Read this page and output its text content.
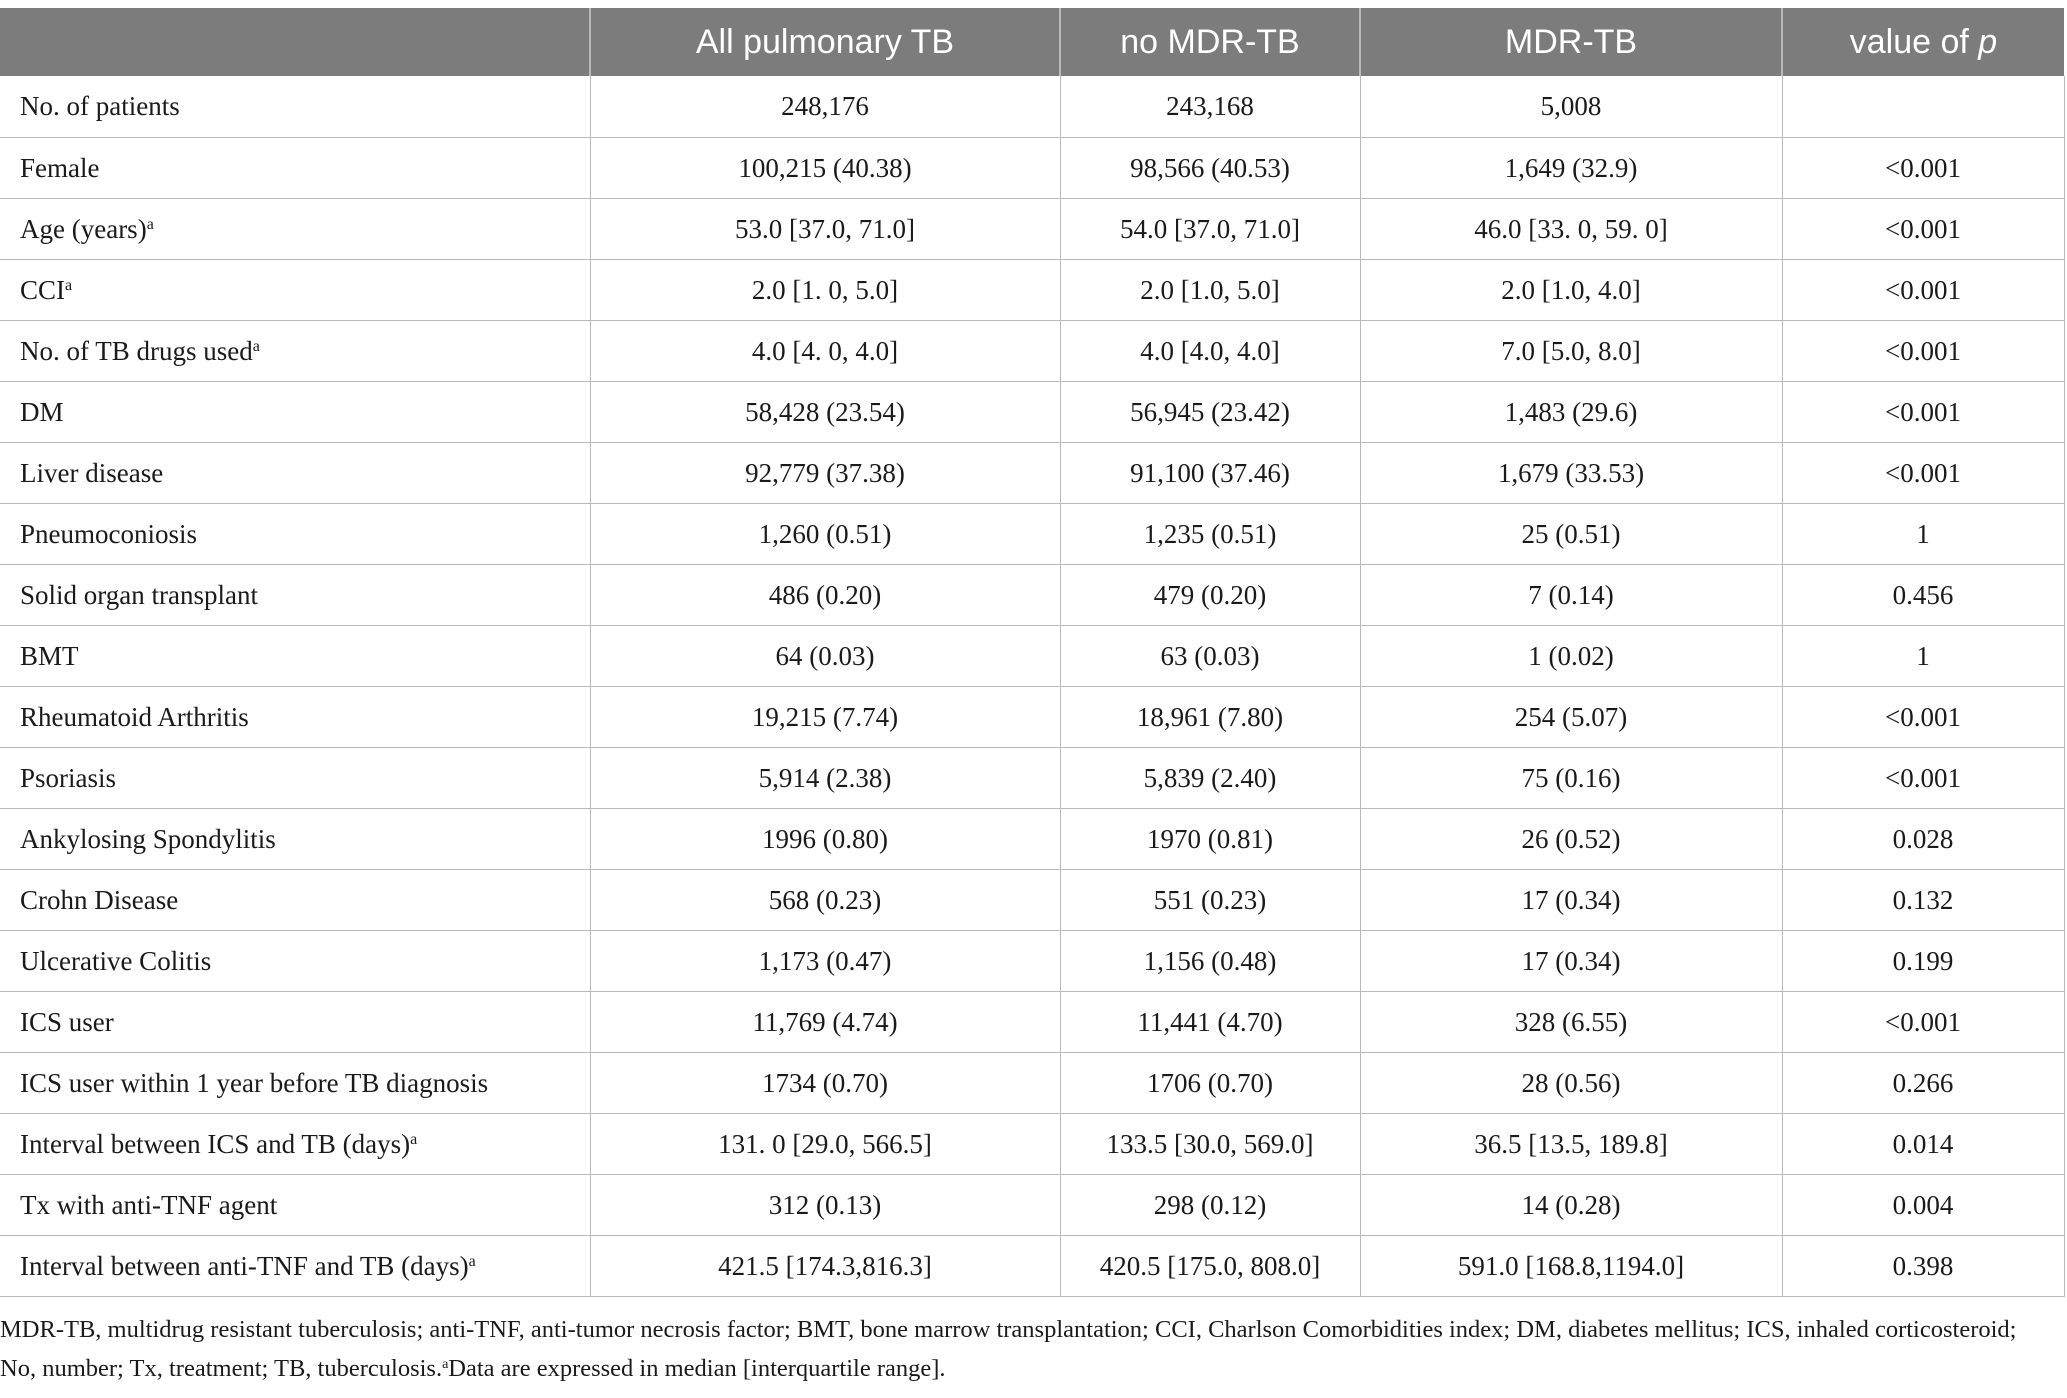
	All pulmonary TB	no MDR-TB	MDR-TB	value of p
No. of patients	248,176	243,168	5,008	
Female	100,215 (40.38)	98,566 (40.53)	1,649 (32.9)	<0.001
Age (years)$^a$	53.0 [37.0, 71.0]	54.0 [37.0, 71.0]	46.0 [33. 0, 59. 0]	<0.001
CCI$^a$	2.0 [1. 0, 5.0]	2.0 [1.0, 5.0]	2.0 [1.0, 4.0]	<0.001
No. of TB drugs used$^a$	4.0 [4. 0, 4.0]	4.0 [4.0, 4.0]	7.0 [5.0, 8.0]	<0.001
DM	58,428 (23.54)	56,945 (23.42)	1,483 (29.6)	<0.001
Liver disease	92,779 (37.38)	91,100 (37.46)	1,679 (33.53)	<0.001
Pneumoconiosis	1,260 (0.51)	1,235 (0.51)	25 (0.51)	1
Solid organ transplant	486 (0.20)	479 (0.20)	7 (0.14)	0.456
BMT	64 (0.03)	63 (0.03)	1 (0.02)	1
Rheumatoid Arthritis	19,215 (7.74)	18,961 (7.80)	254 (5.07)	<0.001
Psoriasis	5,914 (2.38)	5,839 (2.40)	75 (0.16)	<0.001
Ankylosing Spondylitis	1996 (0.80)	1970 (0.81)	26 (0.52)	0.028
Crohn Disease	568 (0.23)	551 (0.23)	17 (0.34)	0.132
Ulcerative Colitis	1,173 (0.47)	1,156 (0.48)	17 (0.34)	0.199
ICS user	11,769 (4.74)	11,441 (4.70)	328 (6.55)	<0.001
ICS user within 1 year before TB diagnosis	1734 (0.70)	1706 (0.70)	28 (0.56)	0.266
Interval between ICS and TB (days)$^a$	131. 0 [29.0, 566.5]	133.5 [30.0, 569.0]	36.5 [13.5, 189.8]	0.014
Tx with anti-TNF agent	312 (0.13)	298 (0.12)	14 (0.28)	0.004
Interval between anti-TNF and TB (days)$^a$	421.5 [174.3,816.3]	420.5 [175.0, 808.0]	591.0 [168.8,1194.0]	0.398
MDR-TB, multidrug resistant tuberculosis; anti-TNF, anti-tumor necrosis factor; BMT, bone marrow transplantation; CCI, Charlson Comorbidities index; DM, diabetes mellitus; ICS, inhaled corticosteroid; No, number; Tx, treatment; TB, tuberculosis.$^a$Data are expressed in median [interquartile range].
